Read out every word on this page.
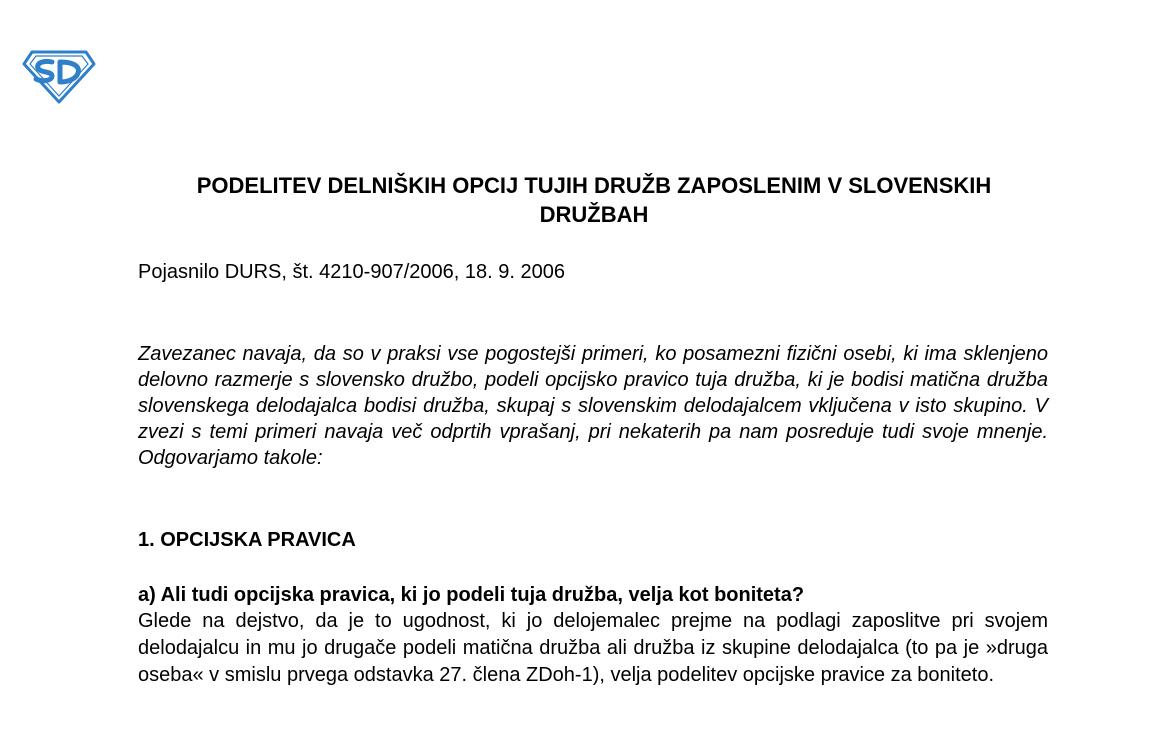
PODELITEV DELNIŠKIH OPCIJ TUJIH DRUŽB ZAPOSLENIM V SLOVENSKIH DRUŽBAH

Pojasnilo DURS, št. 4210-907/2006, 18. 9. 2006

Zavezanec navaja, da so v praksi vse pogostejši primeri, ko posamezni fizični osebi, ki ima sklenjeno delovno razmerje s slovensko družbo, podeli opcijsko pravico tuja družba, ki je bodisi matična družba slovenskega delodajalca bodisi družba, skupaj s slovenskim delodajalcem vključena v isto skupino. V zvezi s temi primeri navaja več odprtih vprašanj, pri nekaterih pa nam posreduje tudi svoje mnenje. Odgovarjamo takole:

1. OPCIJSKA PRAVICA

a) Ali tudi opcijska pravica, ki jo podeli tuja družba, velja kot boniteta?

Glede na dejstvo, da je to ugodnost, ki jo delojemalec prejme na podlagi zaposlitve pri svojem delodajalcu in mu jo drugače podeli matična družba ali družba iz skupine delodajalca (to pa je »druga oseba« v smislu prvega odstavka 27. člena ZDoh-1), velja podelitev opcijske pravice za boniteto.
